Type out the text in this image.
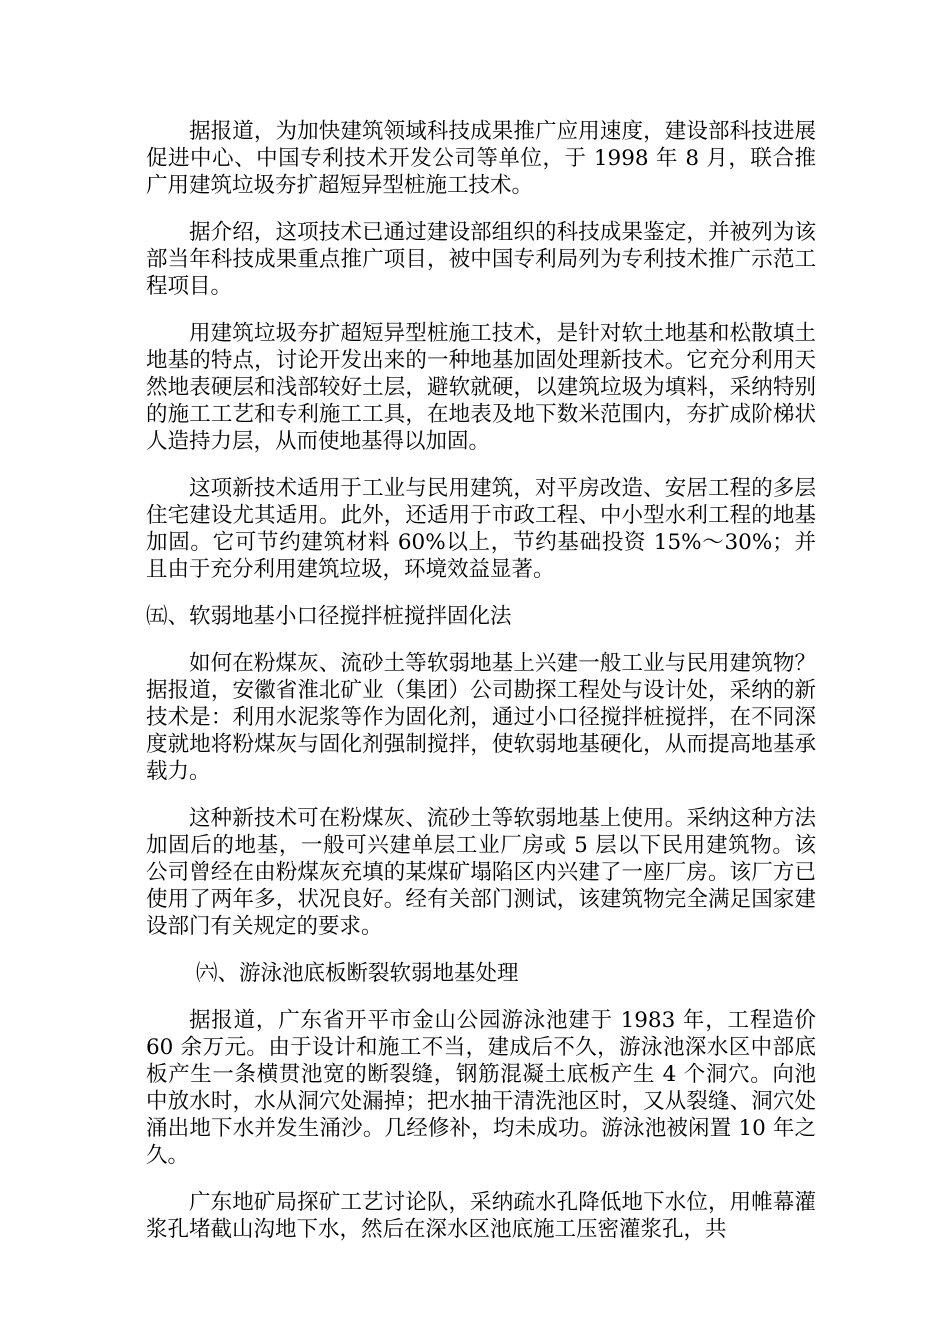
据报道，为加快建筑领域科技成果推广应用速度，建设部科技进展促进中心、中国专利技术开发公司等单位，于 1998 年 8 月，联合推广用建筑垃圾夯扩超短异型桩施工技术。

据介绍，这项技术已通过建设部组织的科技成果鉴定，并被列为该部当年科技成果重点推广项目，被中国专利局列为专利技术推广示范工程项目。

用建筑垃圾夯扩超短异型桩施工技术，是针对软土地基和松散填土地基的特点，讨论开发出来的一种地基加固处理新技术。它充分利用天然地表硬层和浅部较好土层，避软就硬，以建筑垃圾为填料，采纳特别的施工工艺和专利施工工具，在地表及地下数米范围内，夯扩成阶梯状人造持力层，从而使地基得以加固。

这项新技术适用于工业与民用建筑，对平房改造、安居工程的多层住宅建设尤其适用。此外，还适用于市政工程、中小型水利工程的地基加固。它可节约建筑材料 60%以上，节约基础投资 15%～30%；并且由于充分利用建筑垃圾，环境效益显著。

㈤、软弱地基小口径搅拌桩搅拌固化法

如何在粉煤灰、流砂土等软弱地基上兴建一般工业与民用建筑物？据报道，安徽省淮北矿业（集团）公司勘探工程处与设计处，采纳的新技术是：利用水泥浆等作为固化剂，通过小口径搅拌桩搅拌，在不同深度就地将粉煤灰与固化剂强制搅拌，使软弱地基硬化，从而提高地基承载力。

这种新技术可在粉煤灰、流砂土等软弱地基上使用。采纳这种方法加固后的地基，一般可兴建单层工业厂房或 5 层以下民用建筑物。该公司曾经在由粉煤灰充填的某煤矿塌陷区内兴建了一座厂房。该厂方已使用了两年多，状况良好。经有关部门测试，该建筑物完全满足国家建设部门有关规定的要求。

㈥、游泳池底板断裂软弱地基处理

据报道，广东省开平市金山公园游泳池建于 1983 年，工程造价 60 余万元。由于设计和施工不当，建成后不久，游泳池深水区中部底板产生一条横贯池宽的断裂缝，钢筋混凝土底板产生 4 个洞穴。向池中放水时，水从洞穴处漏掉；把水抽干清洗池区时，又从裂缝、洞穴处涌出地下水并发生涌沙。几经修补，均未成功。游泳池被闲置 10 年之久。

广东地矿局探矿工艺讨论队，采纳疏水孔降低地下水位，用帷幕灌浆孔堵截山沟地下水，然后在深水区池底施工压密灌浆孔，共
